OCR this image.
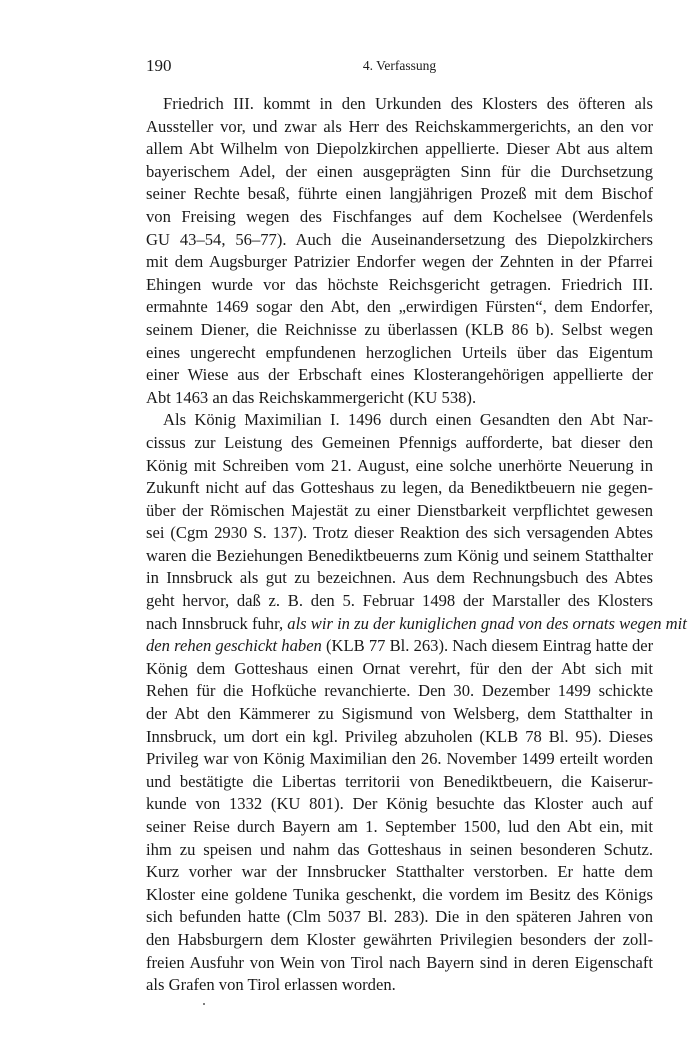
190	4. Verfassung
Friedrich III. kommt in den Urkunden des Klosters des öfteren als
Aussteller vor, und zwar als Herr des Reichskammergerichts, an den vor
allem Abt Wilhelm von Diepolzkirchen appellierte. Dieser Abt aus altem
bayerischem Adel, der einen ausgeprägten Sinn für die Durchsetzung
seiner Rechte besaß, führte einen langjährigen Prozeß mit dem Bischof
von Freising wegen des Fischfanges auf dem Kochelsee (Werdenfels
GU 43–54, 56–77). Auch die Auseinandersetzung des Diepolzkirchers
mit dem Augsburger Patrizier Endorfer wegen der Zehnten in der Pfarrei
Ehingen wurde vor das höchste Reichsgericht getragen. Friedrich III.
ermahnte 1469 sogar den Abt, den „erwirdigen Fürsten“, dem Endorfer,
seinem Diener, die Reichnisse zu überlassen (KLB 86 b). Selbst wegen
eines ungerecht empfundenen herzoglichen Urteils über das Eigentum
einer Wiese aus der Erbschaft eines Klosterangehörigen appellierte der
Abt 1463 an das Reichskammergericht (KU 538).
Als König Maximilian I. 1496 durch einen Gesandten den Abt Nar-
cissus zur Leistung des Gemeinen Pfennigs aufforderte, bat dieser den
König mit Schreiben vom 21. August, eine solche unerhörte Neuerung in
Zukunft nicht auf das Gotteshaus zu legen, da Benediktbeuern nie gegen-
über der Römischen Majestät zu einer Dienstbarkeit verpflichtet gewesen
sei (Cgm 2930 S. 137). Trotz dieser Reaktion des sich versagenden Abtes
waren die Beziehungen Benediktbeuerns zum König und seinem Statthalter
in Innsbruck als gut zu bezeichnen. Aus dem Rechnungsbuch des Abtes
geht hervor, daß z. B. den 5. Februar 1498 der Marstaller des Klosters
nach Innsbruck fuhr, als wir in zu der kuniglichen gnad von des ornats wegen mit
den rehen geschickt haben (KLB 77 Bl. 263). Nach diesem Eintrag hatte der
König dem Gotteshaus einen Ornat verehrt, für den der Abt sich mit
Rehen für die Hofküche revanchierte. Den 30. Dezember 1499 schickte
der Abt den Kämmerer zu Sigismund von Welsberg, dem Statthalter in
Innsbruck, um dort ein kgl. Privileg abzuholen (KLB 78 Bl. 95). Dieses
Privileg war von König Maximilian den 26. November 1499 erteilt worden
und bestätigte die Libertas territorii von Benediktbeuern, die Kaiserur-
kunde von 1332 (KU 801). Der König besuchte das Kloster auch auf
seiner Reise durch Bayern am 1. September 1500, lud den Abt ein, mit
ihm zu speisen und nahm das Gotteshaus in seinen besonderen Schutz.
Kurz vorher war der Innsbrucker Statthalter verstorben. Er hatte dem
Kloster eine goldene Tunika geschenkt, die vordem im Besitz des Königs
sich befunden hatte (Clm 5037 Bl. 283). Die in den späteren Jahren von
den Habsburgern dem Kloster gewährten Privilegien besonders der zoll-
freien Ausfuhr von Wein von Tirol nach Bayern sind in deren Eigenschaft
als Grafen von Tirol erlassen worden.
